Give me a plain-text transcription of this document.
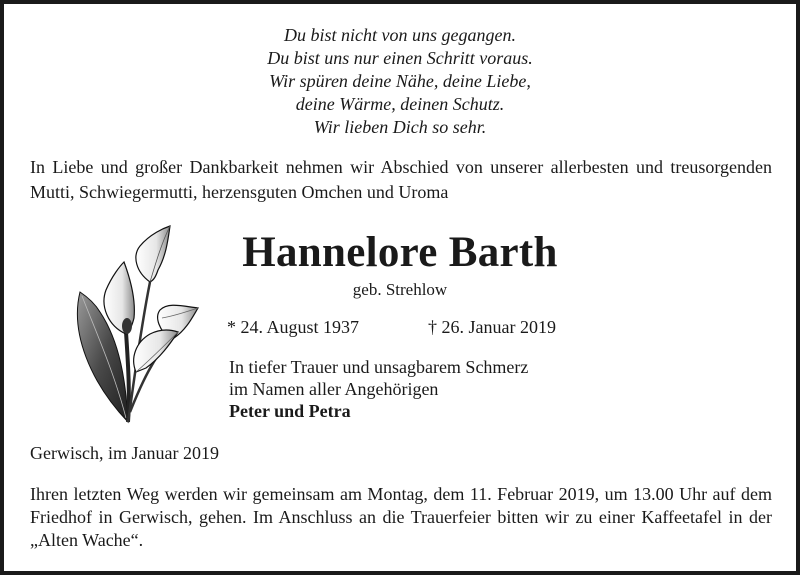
Du bist nicht von uns gegangen.
Du bist uns nur einen Schritt voraus.
Wir spüren deine Nähe, deine Liebe,
deine Wärme, deinen Schutz.
Wir lieben Dich so sehr.
In Liebe und großer Dankbarkeit nehmen wir Abschied von unserer allerbesten und treusorgenden Mutti, Schwiegermutti, herzensguten Omchen und Uroma
Hannelore Barth
geb. Strehlow
* 24. August 1937	† 26. Januar 2019
In tiefer Trauer und unsagbarem Schmerz
im Namen aller Angehörigen
Peter und Petra
Gerwisch, im Januar 2019
Ihren letzten Weg werden wir gemeinsam am Montag, dem 11. Februar 2019, um 13.00 Uhr auf dem Friedhof in Gerwisch, gehen. Im Anschluss an die Trauerfeier bitten wir zu einer Kaffeetafel in der „Alten Wache“.
